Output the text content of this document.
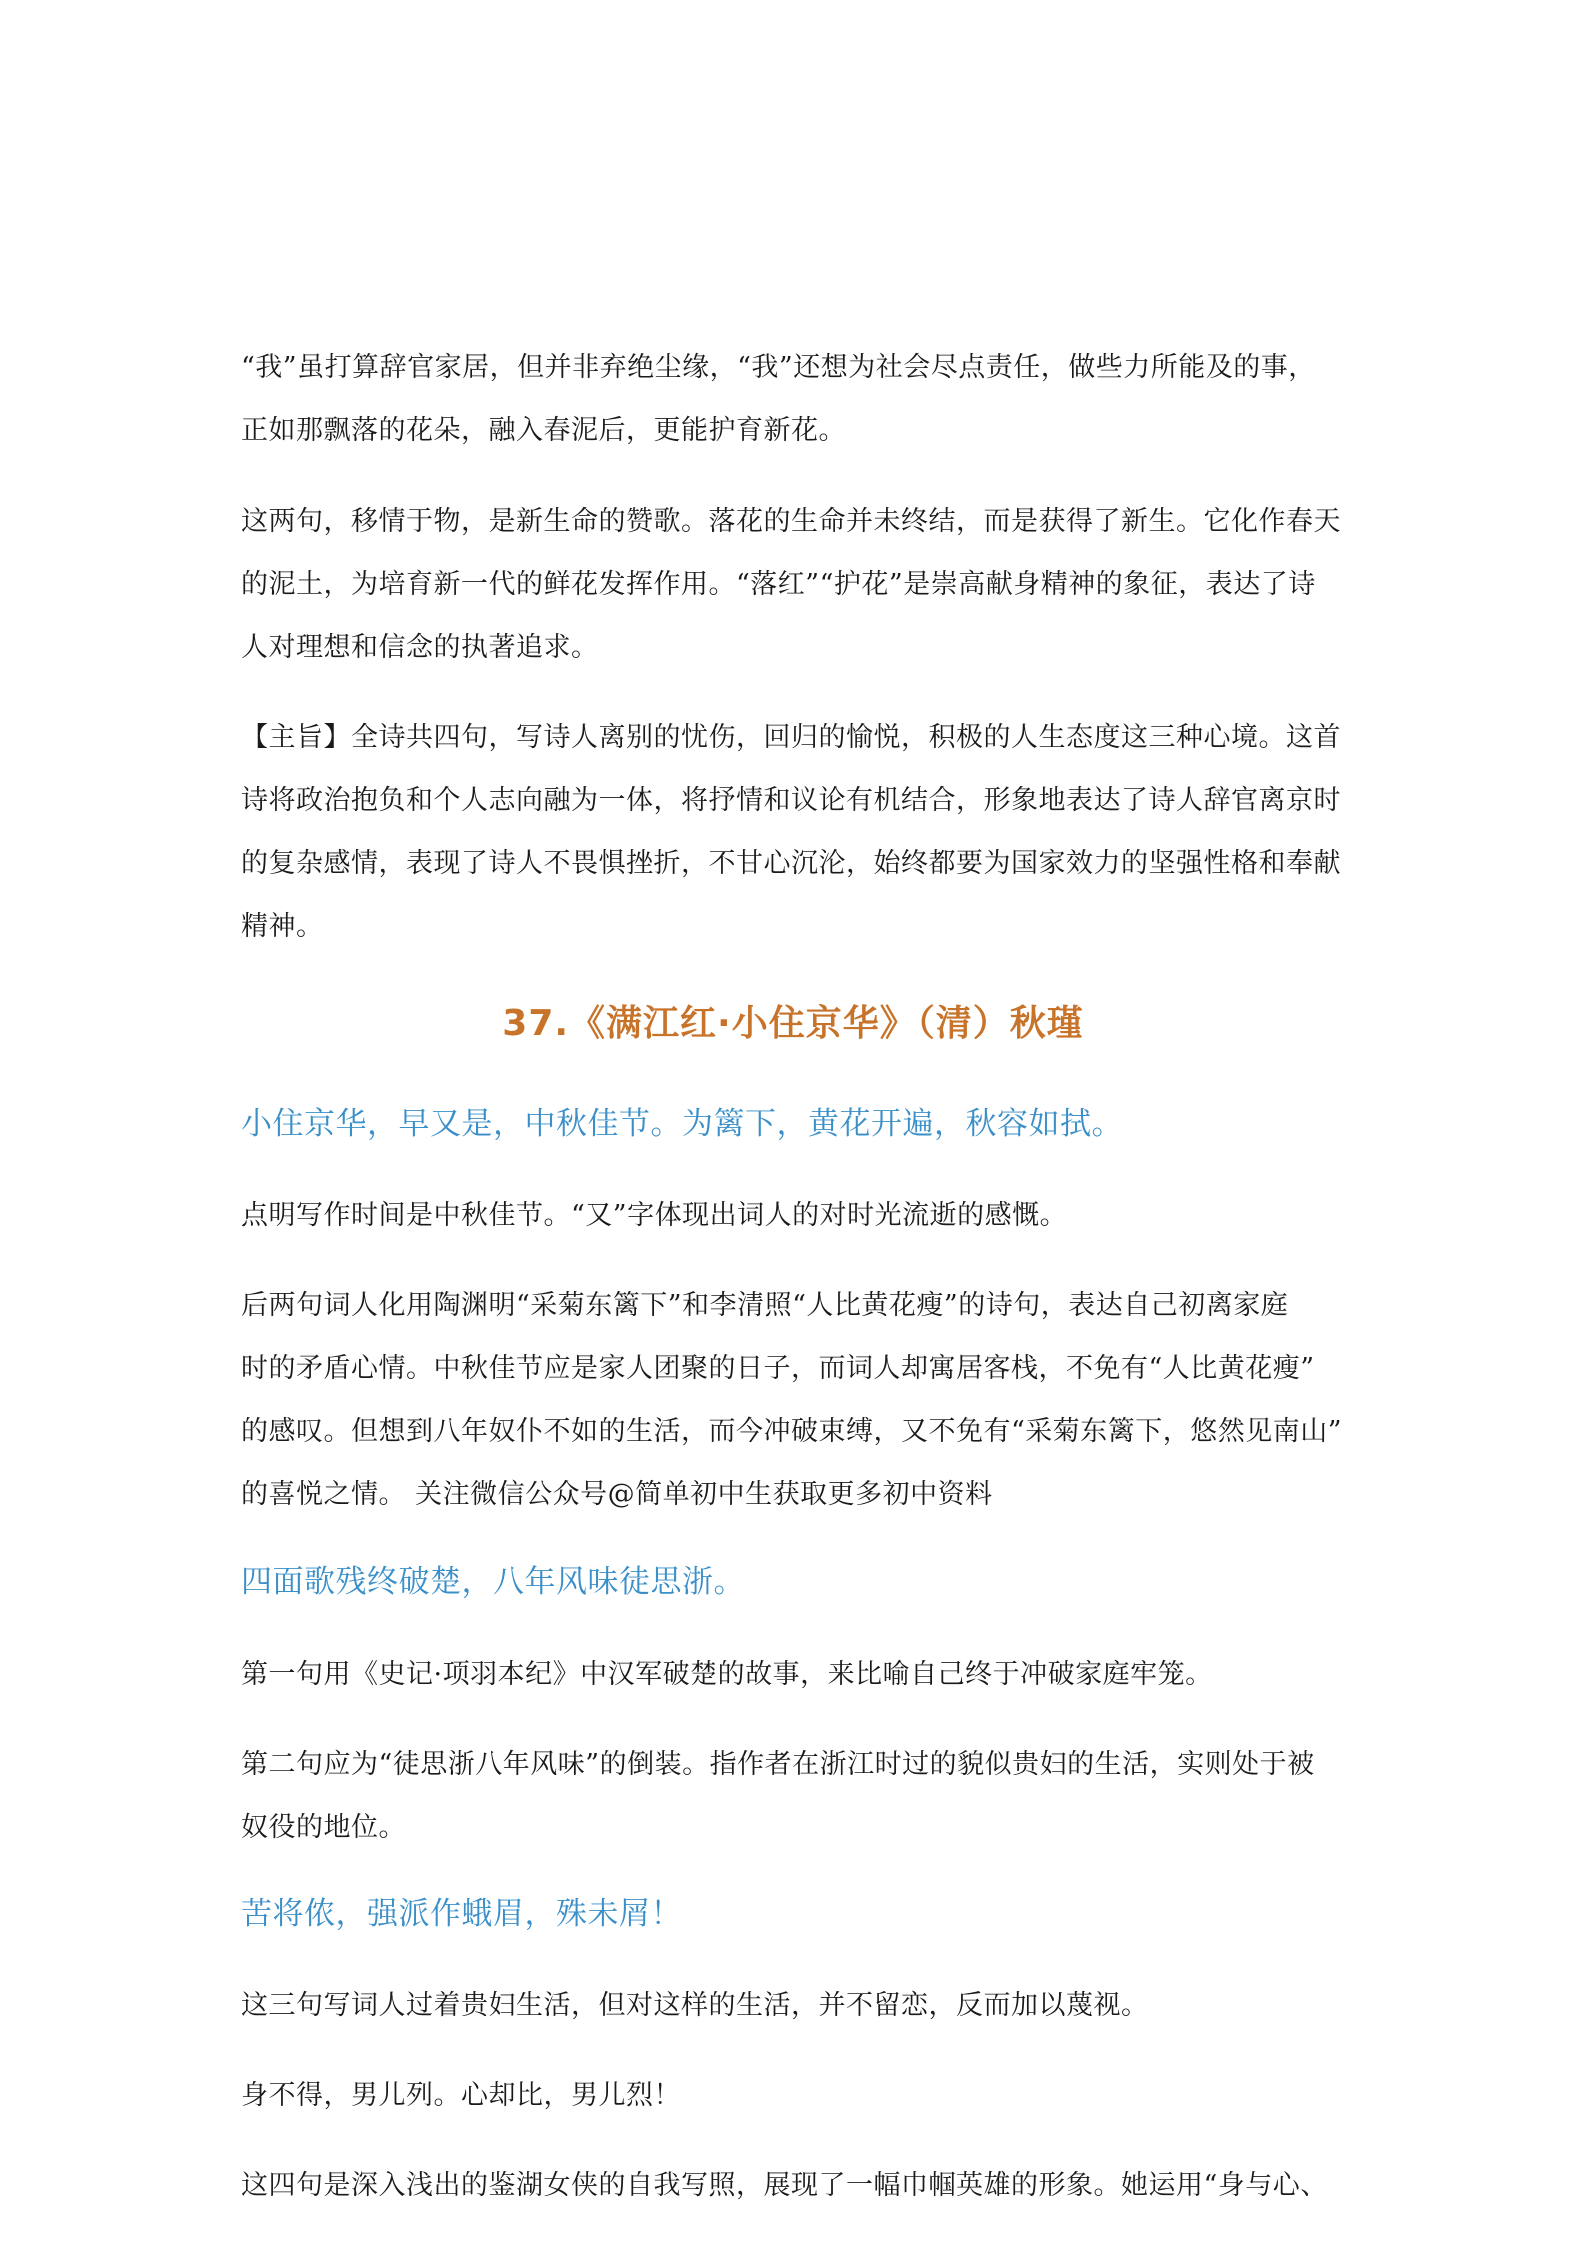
“我”虽打算辞官家居，但并非弃绝尘缘，“我”还想为社会尽点责任，做些力所能及的事，
正如那飘落的花朵，融入春泥后，更能护育新花。
这两句，移情于物，是新生命的赞歌。落花的生命并未终结，而是获得了新生。它化作春天
的泥土，为培育新一代的鲜花发挥作用。“落红”“护花”是崇高献身精神的象征，表达了诗
人对理想和信念的执著追求。
【主旨】全诗共四句，写诗人离别的忧伤，回归的愉悦，积极的人生态度这三种心境。这首
诗将政治抱负和个人志向融为一体，将抒情和议论有机结合，形象地表达了诗人辞官离京时
的复杂感情，表现了诗人不畏惧挫折，不甘心沉沦，始终都要为国家效力的坚强性格和奉献
精神。
37.《满江红·小住京华》（清）秋瑾

小住京华，早又是，中秋佳节。为篱下，黄花开遍，秋容如拭。

点明写作时间是中秋佳节。“又”字体现出词人的对时光流逝的感慨。
后两句词人化用陶渊明“采菊东篱下”和李清照“人比黄花瘦”的诗句，表达自己初离家庭
时的矛盾心情。中秋佳节应是家人团聚的日子，而词人却寓居客栈，不免有“人比黄花瘦”
的感叹。但想到八年奴仆不如的生活，而今冲破束缚，又不免有“采菊东篱下，悠然见南山”
的喜悦之情。 关注微信公众号@简单初中生获取更多初中资料

四面歌残终破楚，八年风味徒思浙。

第一句用《史记·项羽本纪》中汉军破楚的故事，来比喻自己终于冲破家庭牢笼。
第二句应为“徒思浙八年风味”的倒装。指作者在浙江时过的貌似贵妇的生活，实则处于被
奴役的地位。

苦将侬，强派作蛾眉，殊未屑！

这三句写词人过着贵妇生活，但对这样的生活，并不留恋，反而加以蔑视。
身不得，男儿列。心却比，男儿烈！
这四句是深入浅出的鉴湖女侠的自我写照，展现了一幅巾帼英雄的形象。她运用“身与心、
